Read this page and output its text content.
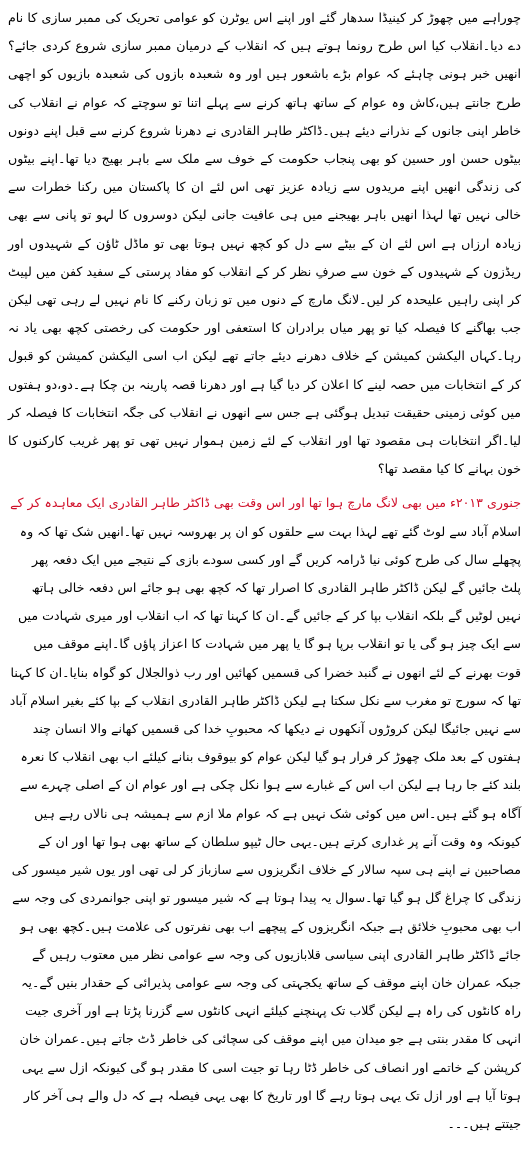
چوراہے میں چھوڑ کر کینیڈا سدھار گئے اور اپنے اس یوٹرن کو عوامی تحریک کی ممبر سازی کا نام دے دیا۔انقلاب کیا اس طرح رونما ہوتے ہیں کہ انقلاب کے درمیان ممبر سازی شروع کردی جائے؟انھیں خبر ہونی چاہئے کہ عوام بڑے باشعور ہیں اور وہ شعبدہ بازوں کی شعبدہ بازیوں کو اچھی طرح جانتے ہیں،کاش وہ عوام کے ساتھ ہاتھ کرنے سے پہلے اتنا تو سوچتے کہ عوام نے انقلاب کی خاطر اپنی جانوں کے نذرانے دیئے ہیں۔ڈاکٹر طاہر القادری نے دھرنا شروع کرنے سے قبل اپنے دونوں بیٹوں حسن اور حسین کو بھی پنجاب حکومت کے خوف سے ملک سے باہر بھیج دیا تھا۔اپنے بیٹوں کی زندگی انھیں اپنے مریدوں سے زیادہ عزیز تھی اس لئے ان کا پاکستان میں رکنا خطرات سے خالی نہیں تھا لہذا انھیں باہر بھیجنے میں ہی عافیت جانی لیکن دوسروں کا لہو تو پانی سے بھی زیادہ ارزاں ہے اس لئے ان کے بیٹے سے دل کو کچھ نہیں ہوتا بھی تو ماڈل ٹاؤن کے شہیدوں اور ریڈزون کے شہیدوں کے خون سے صرفِ نظر کر کے انقلاب کو مفاد پرستی کے سفید کفن میں لپیٹ کر اپنی راہیں علیحدہ کر لیں۔لانگ مارچ کے دنوں میں تو زبان رکنے کا نام نہیں لے رہی تھی لیکن جب بھاگنے کا فیصلہ کیا تو پھر میاں برادران کا استعفی اور حکومت کی رخصتی کچھ بھی یاد نہ رہا۔کہاں الیکشن کمیشن کے خلاف دھرنے دیئے جاتے تھے لیکن اب اسی الیکشن کمیشن کو قبول کر کے انتخابات میں حصہ لینے کا اعلان کر دیا گیا ہے اور دھرنا قصہ پارینہ بن چکا ہے۔دو،دو ہفتوں میں کوئی زمینی حقیقت تبدیل ہوگئی ہے جس سے انھوں نے انقلاب کی جگہ انتخابات کا فیصلہ کر لیا۔اگر انتخابات ہی مقصود تھا اور انقلاب کے لئے زمین ہموار نہیں تھی تو پھر غریب کارکنوں کا خون بہانے کا کیا مقصد تھا؟

جنوری ۲۰۱۳ء میں بھی لانگ مارچ ہوا تھا اور اس وقت بھی ڈاکٹر طاہر القادری ایک معاہدہ کر کے اسلام آباد سے لوٹ گئے تھے لہذا بہت سے حلقوں کو ان پر بھروسہ نہیں تھا۔انھیں شک تھا کہ وہ پچھلے سال کی طرح کوئی نیا ڈرامہ کریں گے اور کسی سودے بازی کے نتیجے میں ایک دفعہ پھر پلٹ جائیں گے لیکن ڈاکٹر طاہر القادری کا اصرار تھا کہ کچھ بھی ہو جائے اس دفعہ خالی ہاتھ نہیں لوٹیں گے بلکہ انقلاب بپا کر کے جائیں گے۔ان کا کہنا تھا کہ اب انقلاب اور میری شہادت میں سے ایک چیز ہو گی یا تو انقلاب برپا ہو گا یا پھر میں شہادت کا اعزاز پاؤں گا۔اپنے موقف میں قوت بھرنے کے لئے انھوں نے گنبد خضرا کی قسمیں کھائیں اور رب ذوالجلال کو گواہ بنایا۔ان کا کہنا تھا کہ سورج تو مغرب سے نکل سکتا ہے لیکن ڈاکٹر طاہر القادری انقلاب کے بپا کئے بغیر اسلام آباد سے نہیں جائیگا لیکن کروڑوں آنکھوں نے دیکھا کہ محبوبِ خدا کی قسمیں کھانے والا انسان چند ہفتوں کے بعد ملک چھوڑ کر فرار ہو گیا لیکن عوام کو بیوقوف بنانے کیلئے اب بھی انقلاب کا نعرہ بلند کئے جا رہا ہے لیکن اب اس کے غبارے سے ہوا نکل چکی ہے اور عوام ان کے اصلی چہرے سے آگاہ ہو گئے ہیں۔اس میں کوئی شک نہیں ہے کہ عوام ملا ازم سے ہمیشہ ہی نالاں رہے ہیں کیونکہ وہ وقت آنے پر غداری کرتے ہیں۔یہی حال ٹیپو سلطان کے ساتھ بھی ہوا تھا اور ان کے مصاحبین نے اپنے ہی سپہ سالار کے خلاف انگریزوں سے سازباز کر لی تھی اور یوں شیر میسور کی زندگی کا چراغ گل ہو گیا تھا۔سوال یہ پیدا ہوتا ہے کہ شیر میسور تو اپنی جوانمردی کی وجہ سے اب بھی محبوبِ خلائق ہے جبکہ انگریزوں کے پیچھے اب بھی نفرتوں کی علامت ہیں۔کچھ بھی ہو جائے ڈاکٹر طاہر القادری اپنی سیاسی قلابازیوں کی وجہ سے عوامی نظر میں معتوب رہیں گے جبکہ عمران خان اپنے موقف کے ساتھ یکجہتی کی وجہ سے عوامی پذیرائی کے حقدار بنیں گے۔یہ راہ کانٹوں کی راہ ہے لیکن گلاب تک پہنچنے کیلئے انہی کانٹوں سے گزرنا پڑتا ہے اور آخری جیت انہی کا مقدر بنتی ہے جو میدان میں اپنے موقف کی سچائی کی خاطر ڈٹ جاتے ہیں۔عمران خان کرپشن کے خاتمے اور انصاف کی خاطر ڈٹا رہا تو جیت اسی کا مقدر ہو گی کیونکہ ازل سے یہی ہوتا آیا ہے اور ازل تک یہی ہوتا رہے گا اور تاریخ کا بھی یہی فیصلہ ہے کہ دل والے ہی آخر کار جیتتے ہیں۔۔۔
